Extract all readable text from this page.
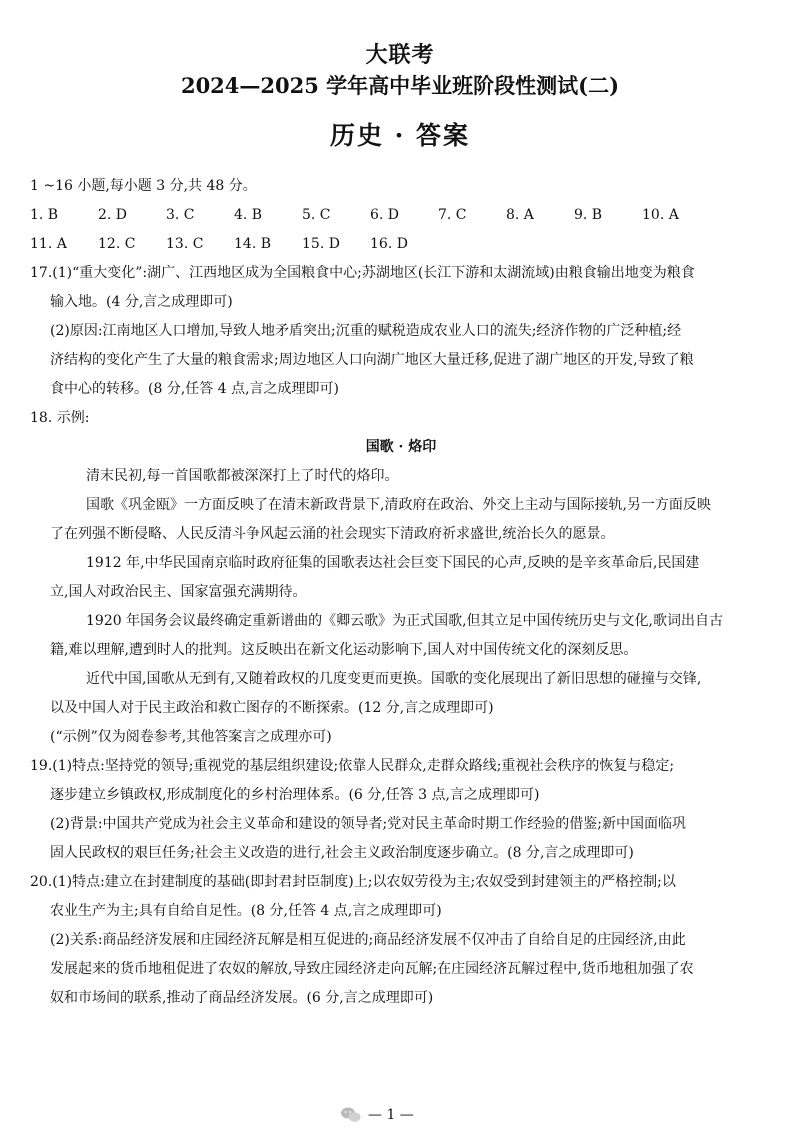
大联考
2024—2025 学年高中毕业班阶段性测试(二)
历史 · 答案
1 ~16 小题,每小题 3 分,共 48 分。
1. B	2. D	3. C	4. B	5. C	6. D	7. C	8. A	9. B	10. A
11. A	12. C	13. C	14. B	15. D	16. D
17.(1)“重大变化”:湖广、江西地区成为全国粮食中心;苏湖地区(长江下游和太湖流域)由粮食输出地变为粮食
输入地。(4 分,言之成理即可)
(2)原因:江南地区人口增加,导致人地矛盾突出;沉重的赋税造成农业人口的流失;经济作物的广泛种植;经
济结构的变化产生了大量的粮食需求;周边地区人口向湖广地区大量迁移,促进了湖广地区的开发,导致了粮
食中心的转移。(8 分,任答 4 点,言之成理即可)
18. 示例:
国歌 · 烙印
清末民初,每一首国歌都被深深打上了时代的烙印。
国歌《巩金瓯》一方面反映了在清末新政背景下,清政府在政治、外交上主动与国际接轨,另一方面反映
了在列强不断侵略、人民反清斗争风起云涌的社会现实下清政府祈求盛世,统治长久的愿景。
1912 年,中华民国南京临时政府征集的国歌表达社会巨变下国民的心声,反映的是辛亥革命后,民国建
立,国人对政治民主、国家富强充满期待。
1920 年国务会议最终确定重新谱曲的《卿云歌》为正式国歌,但其立足中国传统历史与文化,歌词出自古
籍,难以理解,遭到时人的批判。这反映出在新文化运动影响下,国人对中国传统文化的深刻反思。
近代中国,国歌从无到有,又随着政权的几度变更而更换。国歌的变化展现出了新旧思想的碰撞与交锋,
以及中国人对于民主政治和救亡图存的不断探索。(12 分,言之成理即可)
(“示例”仅为阅卷参考,其他答案言之成理亦可)
19.(1)特点:坚持党的领导;重视党的基层组织建设;依靠人民群众,走群众路线;重视社会秩序的恢复与稳定;
逐步建立乡镇政权,形成制度化的乡村治理体系。(6 分,任答 3 点,言之成理即可)
(2)背景:中国共产党成为社会主义革命和建设的领导者;党对民主革命时期工作经验的借鉴;新中国面临巩
固人民政权的艰巨任务;社会主义改造的进行,社会主义政治制度逐步确立。(8 分,言之成理即可)
20.(1)特点:建立在封建制度的基础(即封君封臣制度)上;以农奴劳役为主;农奴受到封建领主的严格控制;以
农业生产为主;具有自给自足性。(8 分,任答 4 点,言之成理即可)
(2)关系:商品经济发展和庄园经济瓦解是相互促进的;商品经济发展不仅冲击了自给自足的庄园经济,由此
发展起来的货币地租促进了农奴的解放,导致庄园经济走向瓦解;在庄园经济瓦解过程中,货币地租加强了农
奴和市场间的联系,推动了商品经济发展。(6 分,言之成理即可)
— 1 —
